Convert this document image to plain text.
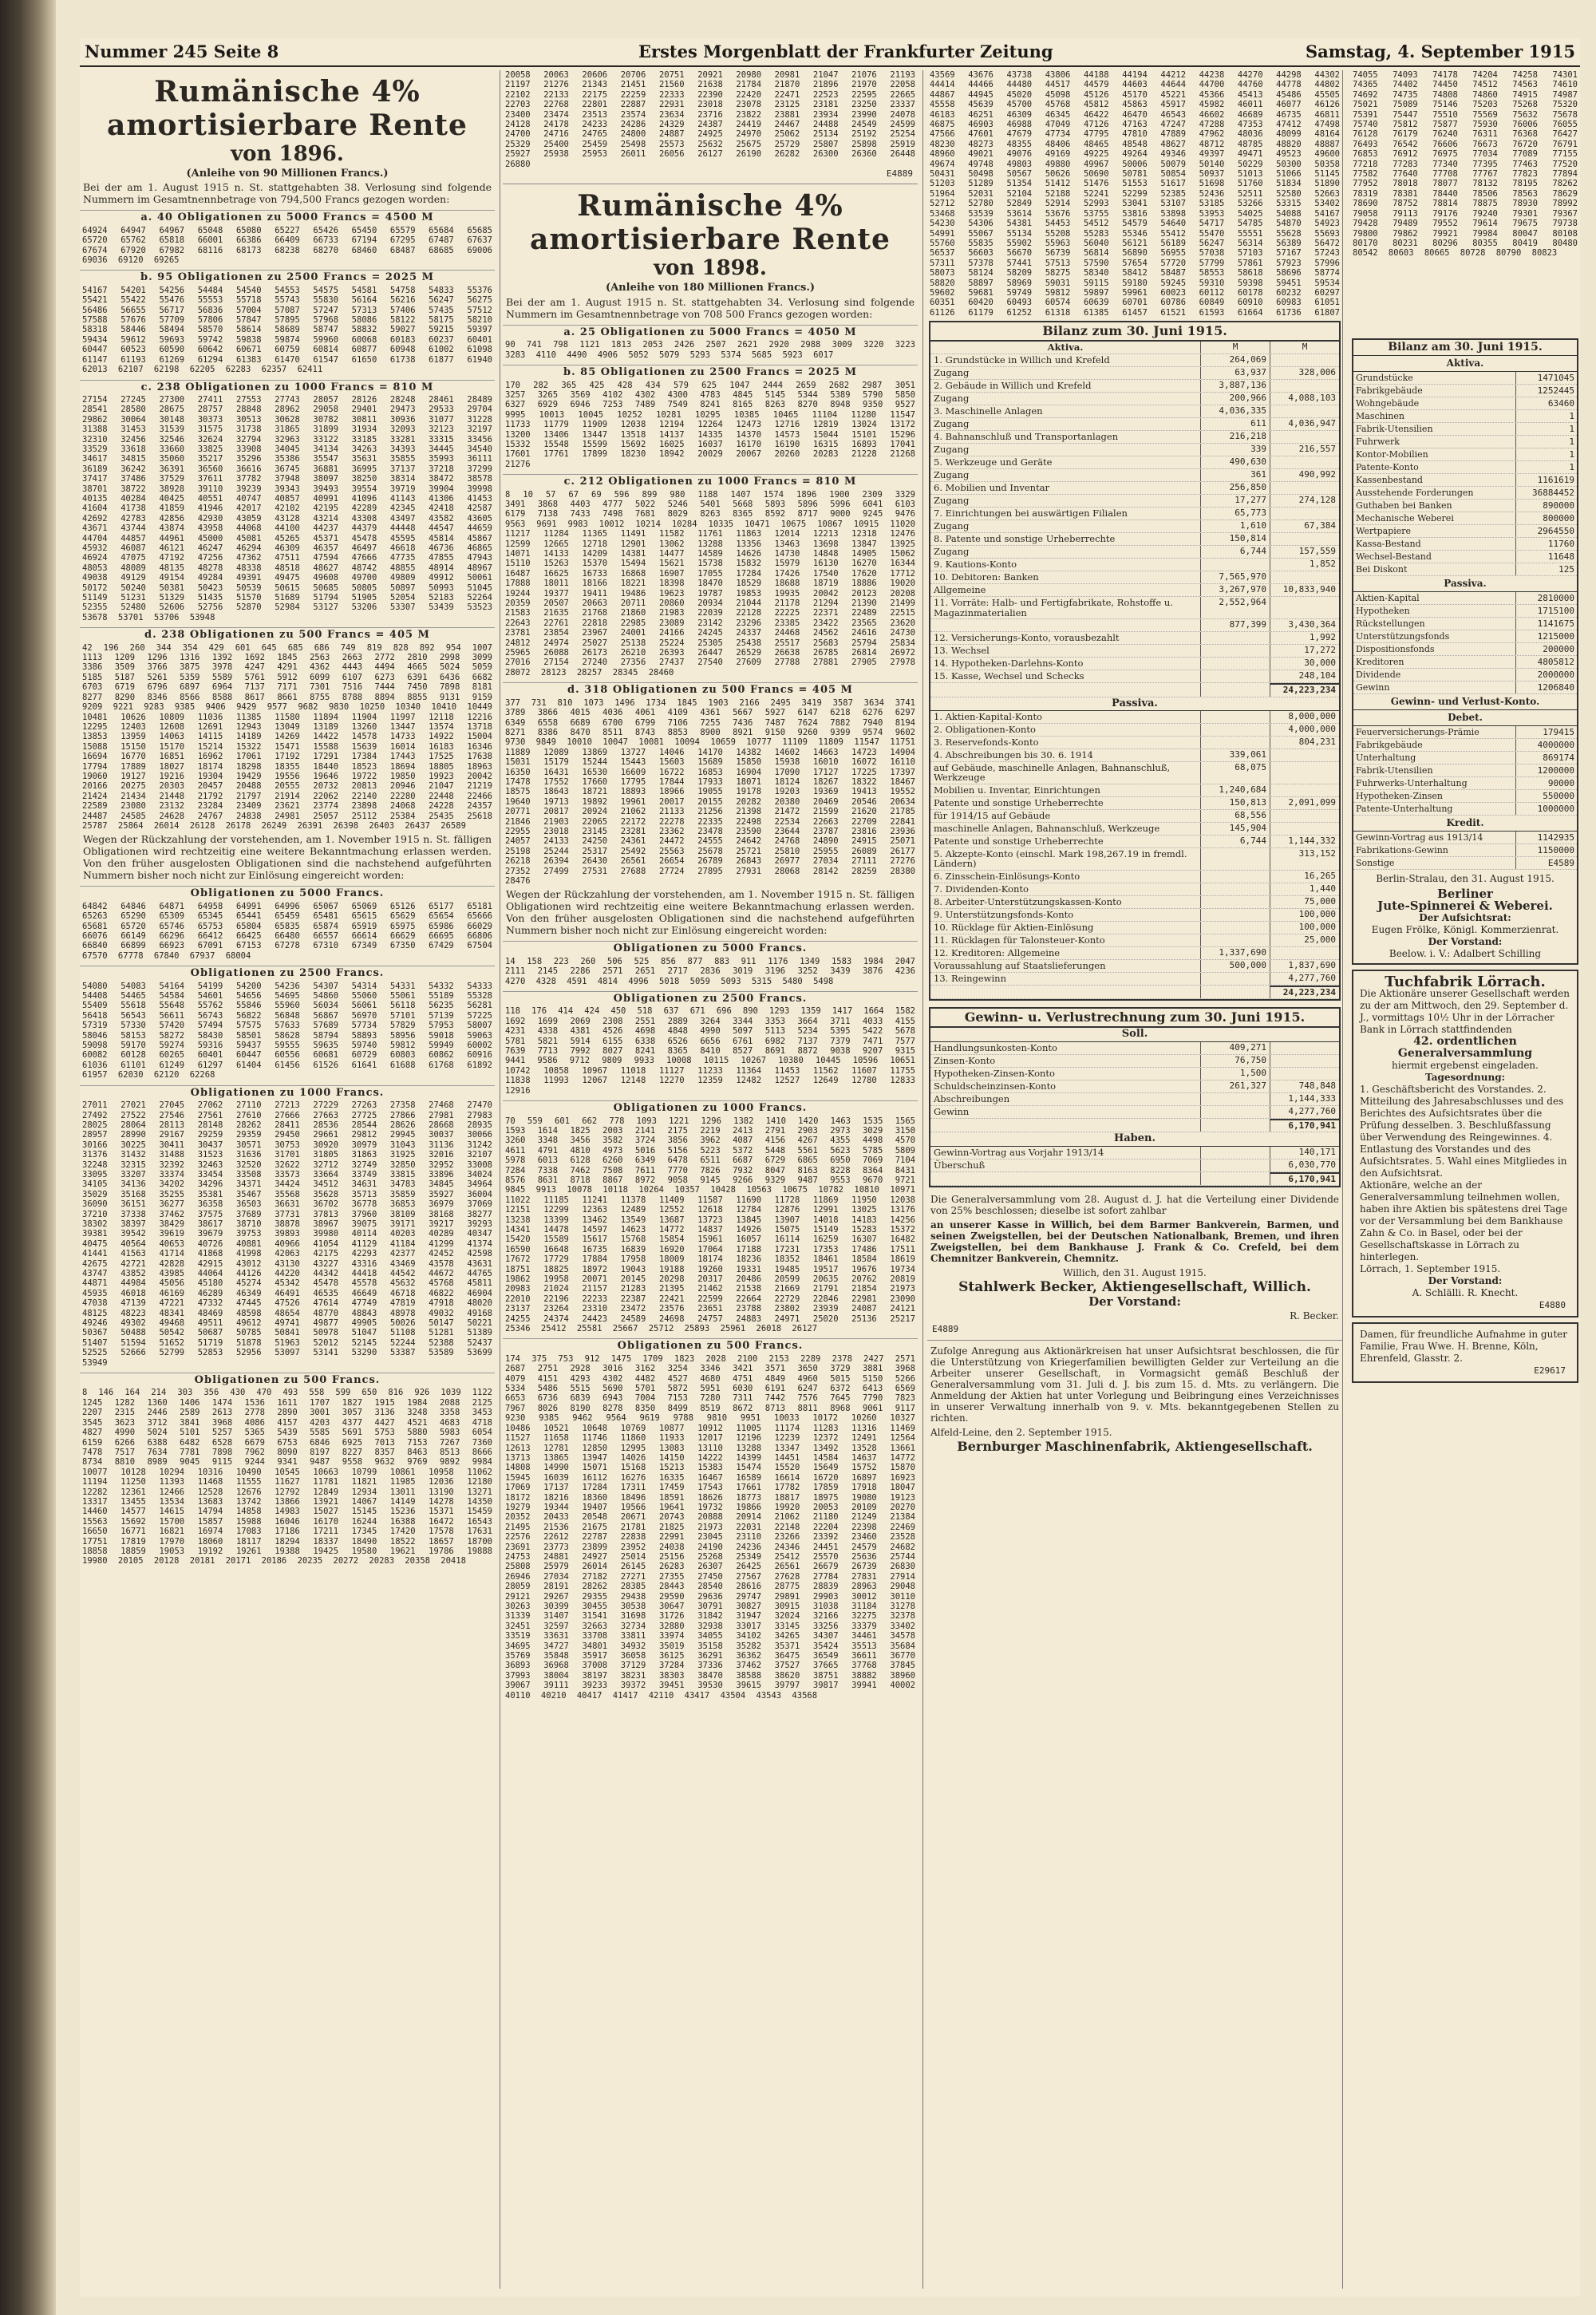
Nummer 245 Seite 8	Erstes Morgenblatt der Frankfurter Zeitung	Samstag, 4. September 1915
Rumänische 4% amortisierbare Rente
von 1896.
(Anleihe von 90 Millionen Francs.)
Bei der am 1. August 1915 n. St. stattgehabten 38. Verlosung sind folgende Nummern im Gesamtnennbetrage von 794,500 Francs gezogen worden:
a. 40 Obligationen zu 5000 Francs = 4500 M
64924 64947 64967 65048 65080 65227 65426 65450 65579 65684 65685 65720 65762 65818 66001 66386 66409 66733 67194 67295 67487 67637 67674 67920 67982 68116 68173 68238 68270 68460 68487 68685 69006 69036 69120 69265
b. 95 Obligationen zu 2500 Francs = 2025 M
54167 54201 54256 54484 54540 54553 54575 54581 54758 54833 55376 55421 55422 55476 55553 55718 55743 55830 56164 56216 56247 56275 56486 56655 56717 56836 57004 57087 57247 57313 57406 57435 57512 57588 57676 57709 57806 57847 57895 57968 58086 58122 58175 58210 58318 58446 58494 58570 58614 58689 58747 58832 59027 59215 59397 59434 59612 59693 59742 59838 59874 59960 60068 60183 60237 60401 60447 60523 60590 60642 60671 60759 60814 60877 60948 61002 61098 61147 61193 61269 61294 61383 61470 61547 61650 61738 61877 61940 62013 62107 62198 62205 62283 62357 62411
c. 238 Obligationen zu 1000 Francs = 810 M
27154 27245 27300 27411 27553 27743 28057 28126 28248 28461 28489 28541 28580 28675 28757 28848 28962 29058 29401 29473 29533 29704 29862 30064 30148 30373 30513 30628 30782 30811 30936 31077 31228 31388 31453 31539 31575 31738 31865 31899 31934 32093 32123 32197 32310 32456 32546 32624 32794 32963 33122 33185 33281 33315 33456 33529 33618 33660 33825 33908 34045 34134 34263 34393 34445 34540 34617 34815 35060 35217 35296 35386 35547 35631 35855 35993 36111 36189 36242 36391 36560 36616 36745 36881 36995 37137 37218 37299 37417 37486 37529 37611 37782 37948 38097 38250 38314 38472 38578 38701 38722 38928 39110 39239 39343 39493 39554 39719 39904 39998 40135 40284 40425 40551 40747 40857 40991 41096 41143 41306 41453 41604 41738 41859 41946 42017 42102 42195 42289 42345 42418 42587 42692 42783 42856 42930 43059 43128 43214 43308 43497 43582 43605 43671 43744 43874 43958 44068 44100 44237 44379 44448 44547 44659 44704 44857 44961 45000 45081 45265 45371 45478 45595 45814 45867 45932 46087 46121 46247 46294 46309 46357 46497 46618 46736 46865 46924 47075 47192 47256 47362 47511 47594 47666 47735 47855 47943 48053 48089 48135 48278 48338 48518 48627 48742 48855 48914 48967 49038 49129 49154 49284 49391 49475 49608 49700 49809 49912 50061 50172 50240 50381 50423 50539 50615 50685 50805 50897 50993 51045 51149 51231 51329 51435 51570 51689 51794 51905 52054 52183 52264 52355 52480 52606 52756 52870 52984 53127 53206 53307 53439 53523 53678 53701 53706 53948
d. 238 Obligationen zu 500 Francs = 405 M
42 196 260 344 354 429 601 645 685 686 749 819 828 892 954 1007 1113 1209 1296 1316 1392 1692 1845 2563 2663 2772 2810 2998 3099 3386 3509 3766 3875 3978 4247 4291 4362 4443 4494 4665 5024 5059 5185 5187 5261 5359 5589 5761 5912 6099 6107 6273 6391 6436 6682 6703 6719 6796 6897 6964 7137 7171 7301 7516 7444 7450 7898 8181 8277 8290 8346 8566 8588 8617 8661 8755 8788 8894 8855 9131 9159 9209 9221 9283 9385 9406 9429 9577 9682 9830 10250 10340 10410 10449 10481 10626 10809 11036 11385 11580 11894 11904 11997 12118 12216 12295 12403 12608 12691 12943 13049 13189 13260 13447 13574 13718 13853 13959 14063 14115 14189 14269 14422 14578 14733 14922 15004 15088 15150 15170 15214 15322 15471 15588 15639 16014 16183 16346 16694 16770 16851 16962 17061 17192 17291 17384 17443 17525 17638 17794 17889 18027 18174 18298 18355 18440 18523 18694 18805 18963 19060 19127 19216 19304 19429 19556 19646 19722 19850 19923 20042 20166 20275 20303 20457 20488 20555 20732 20813 20946 21047 21219 21424 21434 21448 21792 21797 21914 22062 22140 22280 22448 22466 22589 23080 23132 23284 23409 23621 23774 23898 24068 24228 24357 24487 24585 24628 24767 24838 24981 25057 25112 25384 25435 25618 25787 25864 26014 26128 26178 26249 26391 26398 26403 26437 26589
Wegen der Rückzahlung der vorstehenden, am 1. November 1915 n. St. fälligen Obligationen wird rechtzeitig eine weitere Bekanntmachung erlassen werden. Von den früher ausgelosten Obligationen sind die nachstehend aufgeführten Nummern bisher noch nicht zur Einlösung eingereicht worden:
Obligationen zu 5000 Francs.
64842 64846 64871 64958 64991 64996 65067 65069 65126 65177 65181 65263 65290 65309 65345 65441 65459 65481 65615 65629 65654 65666 65681 65720 65746 65753 65804 65835 65874 65919 65975 65986 66029 66076 66149 66296 66412 66425 66480 66557 66614 66629 66695 66806 66840 66899 66923 67091 67153 67278 67310 67349 67350 67429 67504 67570 67778 67840 67937 68004
Obligationen zu 2500 Francs.
54080 54083 54164 54199 54200 54236 54307 54314 54331 54332 54333 54408 54465 54584 54601 54656 54695 54860 55060 55061 55189 55328 55409 55618 55648 55762 55846 55960 56034 56061 56118 56235 56281 56418 56543 56611 56743 56822 56848 56867 56970 57101 57139 57225 57319 57330 57420 57494 57575 57633 57689 57734 57829 57953 58007 58046 58153 58272 58430 58501 58628 58794 58893 58956 59018 59063 59098 59170 59274 59316 59437 59555 59635 59740 59812 59949 60002 60082 60128 60265 60401 60447 60556 60681 60729 60803 60862 60916 61036 61101 61249 61297 61404 61456 61526 61641 61688 61768 61892 61957 62030 62120 62268
Obligationen zu 1000 Francs.
27011 27021 27045 27062 27110 27213 27229 27263 27358 27468 27470 27492 27522 27546 27561 27610 27666 27663 27725 27866 27981 27983 28025 28064 28113 28148 28262 28411 28536 28544 28626 28668 28935 28957 28990 29167 29259 29359 29450 29661 29812 29945 30037 30066 30166 30225 30411 30437 30571 30753 30920 30979 31043 31136 31242 31376 31432 31488 31523 31636 31701 31805 31863 31925 32016 32107 32248 32315 32392 32463 32520 32622 32712 32749 32850 32952 33008 33095 33207 33374 33454 33508 33573 33664 33749 33815 33896 34024 34105 34136 34202 34296 34371 34424 34512 34631 34783 34845 34964 35029 35168 35255 35381 35467 35568 35628 35713 35859 35927 36004 36090 36151 36277 36358 36503 36631 36702 36778 36853 36979 37069 37210 37338 37462 37575 37689 37731 37813 37960 38109 38168 38277 38302 38397 38429 38617 38710 38878 38967 39075 39171 39217 39293 39381 39542 39619 39679 39753 39893 39980 40114 40203 40289 40347 40475 40564 40653 40726 40881 40966 41054 41129 41184 41299 41374 41441 41563 41714 41868 41998 42063 42175 42293 42377 42452 42598 42675 42721 42828 42915 43012 43130 43227 43316 43469 43578 43631 43747 43852 43985 44064 44126 44220 44342 44418 44542 44672 44765 44871 44984 45056 45180 45274 45342 45478 45578 45632 45768 45811 45935 46018 46169 46289 46349 46491 46535 46649 46718 46822 46904 47038 47139 47221 47332 47445 47526 47614 47749 47819 47918 48020 48125 48223 48341 48469 48598 48654 48770 48843 48978 49032 49168 49246 49302 49468 49511 49612 49741 49877 49905 50026 50147 50221 50367 50488 50542 50687 50785 50841 50978 51047 51108 51281 51389 51407 51594 51652 51719 51878 51963 52012 52145 52244 52388 52437 52525 52666 52799 52853 52956 53097 53141 53290 53387 53589 53699 53949
Obligationen zu 500 Francs.
8 146 164 214 303 356 430 470 493 558 599 650 816 926 1039 1122 1245 1282 1360 1406 1474 1536 1611 1707 1827 1915 1984 2088 2125 2207 2315 2446 2589 2613 2778 2890 3001 3057 3136 3248 3358 3453 3545 3623 3712 3841 3968 4086 4157 4203 4377 4427 4521 4683 4718 4827 4990 5024 5101 5257 5365 5439 5585 5691 5753 5880 5983 6054 6159 6266 6388 6482 6528 6679 6753 6846 6925 7013 7153 7267 7360 7478 7517 7634 7781 7898 7962 8090 8197 8227 8357 8463 8513 8666 8734 8810 8989 9045 9115 9244 9341 9487 9558 9632 9769 9892 9984 10077 10128 10294 10316 10490 10545 10663 10799 10861 10958 11062 11194 11250 11393 11468 11555 11627 11781 11821 11985 12036 12180 12282 12361 12466 12528 12676 12792 12849 12934 13011 13190 13271 13317 13455 13534 13683 13742 13866 13921 14067 14149 14278 14350 14460 14577 14615 14794 14858 14983 15027 15145 15236 15371 15459 15563 15692 15700 15857 15988 16046 16170 16244 16388 16472 16543 16650 16771 16821 16974 17083 17186 17211 17345 17420 17578 17631 17751 17819 17970 18060 18117 18294 18337 18490 18522 18657 18700 18858 18859 19053 19192 19261 19388 19425 19580 19621 19786 19888 19980 20105 20128 20181 20171 20186 20235 20272 20283 20358 20418
20058 20063 20606 20706 20751 20921 20980 20981 21047 21076 21193 21197 21276 21343 21451 21560 21638 21784 21870 21896 21970 22058 22102 22133 22175 22259 22333 22390 22420 22471 22523 22595 22665 22703 22768 22801 22887 22931 23018 23078 23125 23181 23250 23337 23400 23474 23513 23574 23634 23716 23822 23881 23934 23990 24078 24128 24178 24233 24286 24329 24387 24419 24467 24488 24549 24599 24700 24716 24765 24800 24887 24925 24970 25062 25134 25192 25254 25329 25400 25459 25498 25573 25632 25675 25729 25807 25898 25919 25927 25938 25953 26011 26056 26127 26190 26282 26300 26360 26448 26880
E4889
Rumänische 4% amortisierbare Rente
von 1898.
(Anleihe von 180 Millionen Francs.)
Bei der am 1. August 1915 n. St. stattgehabten 34. Verlosung sind folgende Nummern im Gesamtnennbetrage von 708 500 Francs gezogen worden:
a. 25 Obligationen zu 5000 Francs = 4050 M
90 741 798 1121 1813 2053 2426 2507 2621 2920 2988 3009 3220 3223 3283 4110 4490 4906 5052 5079 5293 5374 5685 5923 6017
b. 85 Obligationen zu 2500 Francs = 2025 M
170 282 365 425 428 434 579 625 1047 2444 2659 2682 2987 3051 3257 3265 3569 4102 4302 4300 4783 4845 5145 5344 5389 5790 5850 6327 6929 6946 7253 7489 7549 8241 8165 8263 8270 8948 9350 9527 9995 10013 10045 10252 10281 10295 10385 10465 11104 11280 11547 11733 11779 11909 12038 12194 12264 12473 12716 12819 13024 13172 13200 13406 13447 13518 14137 14335 14370 14573 15044 15101 15296 15332 15548 15599 15692 16025 16037 16170 16190 16315 16893 17041 17601 17761 17899 18230 18942 20029 20067 20260 20283 21228 21268 21276
c. 212 Obligationen zu 1000 Francs = 810 M
8 10 57 67 69 596 899 980 1188 1407 1574 1896 1900 2309 3329 3491 3868 4403 4777 5022 5246 5401 5668 5893 5896 5996 6041 6103 6179 7138 7433 7498 7681 8029 8263 8365 8592 8717 9000 9245 9476 9563 9691 9983 10012 10214 10284 10335 10471 10675 10867 10915 11020 11217 11284 11365 11491 11582 11761 11863 12014 12213 12318 12476 12599 12665 12718 12901 13062 13288 13356 13463 13698 13847 13925 14071 14133 14209 14381 14477 14589 14626 14730 14848 14905 15062 15110 15263 15370 15494 15621 15738 15832 15979 16130 16270 16344 16487 16625 16733 16868 16907 17055 17284 17426 17540 17620 17712 17888 18011 18166 18221 18398 18470 18529 18688 18719 18886 19020 19244 19377 19411 19486 19623 19787 19853 19935 20042 20123 20208 20359 20507 20663 20711 20860 20934 21044 21178 21294 21390 21499 21583 21635 21768 21860 21983 22039 22128 22225 22371 22489 22515 22643 22761 22818 22985 23089 23142 23296 23385 23422 23565 23620 23781 23854 23967 24001 24166 24245 24337 24468 24562 24616 24730 24812 24974 25027 25138 25224 25305 25438 25517 25683 25794 25834 25965 26088 26173 26210 26393 26447 26529 26638 26785 26814 26972 27016 27154 27240 27356 27437 27540 27609 27788 27881 27905 27978 28072 28123 28257 28345 28460
d. 318 Obligationen zu 500 Francs = 405 M
377 731 810 1073 1496 1734 1845 1903 2166 2495 3419 3587 3634 3741 3789 3866 4015 4036 4061 4109 4361 5667 5927 6147 6218 6276 6297 6349 6558 6689 6700 6799 7106 7255 7436 7487 7624 7882 7940 8194 8271 8386 8470 8511 8743 8853 8900 8921 9150 9260 9399 9574 9602 9730 9849 10010 10047 10081 10094 10659 10777 11109 11809 11547 11751 11889 12089 13869 13727 14046 14170 14382 14602 14663 14723 14904 15031 15179 15244 15443 15603 15689 15850 15938 16010 16072 16110 16350 16431 16530 16609 16722 16853 16904 17090 17127 17225 17397 17478 17552 17660 17795 17844 17933 18071 18124 18267 18322 18467 18575 18643 18721 18893 18966 19055 19178 19203 19369 19413 19552 19640 19713 19892 19961 20017 20155 20282 20380 20469 20546 20634 20771 20817 20924 21062 21133 21256 21398 21472 21599 21620 21785 21846 21903 22065 22172 22278 22335 22498 22534 22663 22709 22841 22955 23018 23145 23281 23362 23478 23590 23644 23787 23816 23936 24057 24133 24250 24361 24472 24555 24642 24768 24890 24915 25071 25198 25244 25317 25492 25563 25678 25721 25810 25955 26089 26177 26218 26394 26430 26561 26654 26789 26843 26977 27034 27111 27276 27352 27499 27531 27688 27724 27895 27931 28068 28142 28259 28380 28476
Wegen der Rückzahlung der vorstehenden, am 1. November 1915 n. St. fälligen Obligationen wird rechtzeitig eine weitere Bekanntmachung erlassen werden. Von den früher ausgelosten Obligationen sind die nachstehend aufgeführten Nummern bisher noch nicht zur Einlösung eingereicht worden:
Obligationen zu 5000 Francs.
14 158 223 260 506 525 856 877 883 911 1176 1349 1583 1984 2047 2111 2145 2286 2571 2651 2717 2836 3019 3196 3252 3439 3876 4236 4270 4328 4591 4814 4996 5018 5059 5093 5315 5480 5498
Obligationen zu 2500 Francs.
118 176 414 424 450 518 637 671 696 890 1293 1359 1417 1664 1582 1692 1699 2069 2308 2551 2889 3264 3344 3353 3664 3711 4033 4155 4231 4338 4381 4526 4698 4848 4990 5097 5113 5234 5395 5422 5678 5781 5821 5914 6155 6338 6526 6656 6761 6982 7137 7379 7471 7577 7639 7713 7992 8027 8241 8365 8410 8527 8691 8872 9038 9207 9315 9441 9586 9712 9809 9933 10008 10115 10267 10380 10445 10596 10651 10742 10858 10967 11018 11127 11233 11364 11453 11562 11607 11755 11838 11993 12067 12148 12270 12359 12482 12527 12649 12780 12833 12916
Obligationen zu 1000 Francs.
70 559 601 662 778 1093 1221 1296 1382 1410 1420 1463 1535 1565 1593 1614 1825 2003 2141 2175 2219 2413 2791 2903 2973 3029 3150 3260 3348 3456 3582 3724 3856 3962 4087 4156 4267 4355 4498 4570 4611 4791 4810 4973 5016 5156 5223 5372 5448 5561 5623 5785 5809 5978 6013 6128 6260 6349 6478 6511 6687 6729 6865 6950 7069 7104 7284 7338 7462 7508 7611 7770 7826 7932 8047 8163 8228 8364 8431 8576 8631 8718 8867 8972 9058 9145 9266 9329 9487 9553 9670 9721 9845 9913 10078 10118 10264 10357 10428 10563 10675 10782 10810 10971 11022 11185 11241 11378 11409 11587 11690 11728 11869 11950 12038 12151 12299 12363 12489 12552 12618 12784 12876 12991 13025 13176 13238 13399 13462 13549 13687 13723 13845 13907 14018 14183 14256 14341 14478 14597 14623 14772 14837 14926 15075 15149 15283 15372 15420 15589 15617 15768 15854 15961 16057 16114 16259 16307 16482 16590 16648 16735 16839 16920 17064 17188 17231 17353 17486 17511 17672 17729 17884 17958 18009 18174 18236 18352 18461 18584 18619 18751 18825 18972 19043 19188 19260 19331 19485 19517 19676 19734 19862 19958 20071 20145 20298 20317 20486 20599 20635 20762 20819 20983 21024 21157 21283 21395 21462 21538 21669 21791 21854 21973 22010 22196 22233 22387 22421 22599 22664 22729 22846 22981 23090 23137 23264 23310 23472 23576 23651 23788 23802 23939 24087 24121 24255 24374 24423 24589 24698 24757 24883 24971 25020 25136 25217 25346 25412 25581 25667 25712 25893 25961 26018 26127
Obligationen zu 500 Francs.
174 375 753 912 1475 1709 1823 2028 2100 2153 2289 2378 2427 2571 2687 2751 2928 3016 3162 3254 3346 3421 3571 3650 3729 3881 3968 4079 4151 4293 4302 4482 4527 4680 4751 4849 4960 5015 5150 5266 5334 5486 5515 5690 5701 5872 5951 6030 6191 6247 6372 6413 6569 6653 6736 6839 6943 7004 7153 7280 7311 7442 7576 7645 7790 7823 7967 8026 8190 8278 8350 8499 8519 8672 8713 8811 8968 9061 9117 9230 9385 9462 9564 9619 9788 9810 9951 10033 10172 10260 10327 10486 10521 10648 10769 10877 10912 11005 11174 11283 11316 11469 11527 11658 11746 11860 11933 12017 12196 12239 12372 12491 12564 12613 12781 12850 12995 13083 13110 13288 13347 13492 13528 13661 13713 13865 13947 14026 14150 14222 14399 14451 14584 14637 14772 14808 14990 15071 15168 15213 15383 15474 15520 15649 15752 15870 15945 16039 16112 16276 16335 16467 16589 16614 16720 16897 16923 17069 17137 17284 17311 17459 17543 17661 17782 17859 17918 18047 18172 18216 18360 18496 18591 18626 18773 18817 18975 19080 19123 19279 19344 19407 19566 19641 19732 19866 19920 20053 20109 20270 20352 20433 20548 20671 20743 20888 20914 21062 21180 21249 21384 21495 21536 21675 21781 21825 21973 22031 22148 22204 22398 22469 22576 22612 22787 22838 22991 23045 23110 23266 23392 23460 23528 23691 23773 23899 23952 24038 24190 24236 24346 24451 24579 24682 24753 24881 24927 25014 25156 25268 25349 25412 25570 25636 25744 25808 25979 26014 26145 26283 26307 26425 26561 26679 26739 26830 26946 27034 27182 27271 27355 27450 27567 27628 27784 27831 27914 28059 28191 28262 28385 28443 28540 28616 28775 28839 28963 29048 29121 29267 29355 29438 29590 29636 29747 29891 29903 30012 30110 30263 30399 30455 30538 30647 30791 30827 30915 31038 31184 31278 31339 31407 31541 31698 31726 31842 31947 32024 32166 32275 32378 32451 32597 32663 32734 32880 32938 33017 33145 33256 33379 33402 33519 33631 33708 33811 33974 34055 34102 34265 34307 34461 34578 34695 34727 34801 34932 35019 35158 35282 35371 35424 35513 35684 35769 35848 35917 36058 36125 36291 36362 36475 36549 36611 36770 36893 36968 37008 37129 37284 37336 37462 37527 37665 37768 37845 37993 38004 38197 38231 38303 38470 38588 38620 38751 38882 38960 39067 39111 39233 39372 39451 39530 39615 39797 39817 39941 40002 40110 40210 40417 41417 42110 43417 43504 43543 43568
43569 43676 43738 43806 44188 44194 44212 44238 44270 44298 44302 44414 44466 44480 44517 44579 44603 44644 44700 44760 44778 44802 44867 44945 45020 45098 45126 45170 45221 45366 45413 45486 45505 45558 45639 45700 45768 45812 45863 45917 45982 46011 46077 46126 46183 46251 46309 46345 46422 46470 46543 46602 46689 46735 46811 46875 46903 46988 47049 47126 47163 47247 47288 47353 47412 47498 47566 47601 47679 47734 47795 47810 47889 47962 48036 48099 48164 48230 48273 48355 48406 48465 48548 48627 48712 48785 48820 48887 48960 49021 49076 49169 49225 49264 49346 49397 49471 49523 49600 49674 49748 49803 49880 49967 50006 50079 50140 50229 50300 50358 50431 50498 50567 50626 50690 50781 50854 50937 51013 51066 51145 51203 51289 51354 51412 51476 51553 51617 51698 51760 51834 51890 51964 52031 52104 52188 52241 52299 52385 52436 52511 52580 52663 52712 52780 52849 52914 52993 53041 53107 53185 53266 53315 53402 53468 53539 53614 53676 53755 53816 53898 53953 54025 54088 54167 54230 54306 54381 54453 54512 54579 54640 54717 54785 54870 54923 54991 55067 55134 55208 55283 55346 55412 55470 55551 55628 55693 55760 55835 55902 55963 56040 56121 56189 56247 56314 56389 56472 56537 56603 56670 56739 56814 56890 56955 57038 57103 57167 57243 57311 57378 57441 57513 57590 57654 57720 57799 57861 57923 57996 58073 58124 58209 58275 58340 58412 58487 58553 58618 58696 58774 58820 58897 58969 59031 59115 59180 59245 59310 59398 59451 59534 59602 59681 59749 59812 59897 59961 60023 60112 60178 60232 60297 60351 60420 60493 60574 60639 60701 60786 60849 60910 60983 61051 61126 61179 61252 61318 61385 61457 61521 61593 61664 61736 61807
Bilanz zum 30. Juni 1915.
Aktiva.	M	M
1. Grundstücke in Willich und Krefeld	264,069
Zugang	63,937	328,006
2. Gebäude in Willich und Krefeld	3,887,136
Zugang	200,966	4,088,103
3. Maschinelle Anlagen	4,036,335
Zugang	611	4,036,947
4. Bahnanschluß und Transportanlagen	216,218
Zugang	339	216,557
5. Werkzeuge und Geräte	490,630
Zugang	361	490,992
6. Mobilien und Inventar	256,850
Zugang	17,277	274,128
7. Einrichtungen bei auswärtigen Filialen	65,773
Zugang	1,610	67,384
8. Patente und sonstige Urheberrechte	150,814
Zugang	6,744	157,559
9. Kautions-Konto	1,852
10. Debitoren: Banken	7,565,970
Allgemeine	3,267,970	10,833,940
11. Vorräte: Halb- und Fertigfabrikate, Rohstoffe u. Magazinmaterialien
2,552,964
877,399	3,430,364
12. Versicherungs-Konto, vorausbezahlt	1,992
13. Wechsel	17,272
14. Hypotheken-Darlehns-Konto	30,000
15. Kasse, Wechsel und Schecks	248,104
24,223,234
Passiva.
1. Aktien-Kapital-Konto	8,000,000
2. Obligationen-Konto	4,000,000
3. Reservefonds-Konto	804,231
4. Abschreibungen bis 30. 6. 1914	339,061
auf Gebäude, maschinelle Anlagen, Bahnanschluß, Werkzeuge
68,075
Mobilien u. Inventar, Einrichtungen	1,240,684
Patente und sonstige Urheberrechte	150,813	2,091,099
für 1914/15 auf Gebäude	68,556
maschinelle Anlagen, Bahnanschluß, Werkzeuge	145,904
Patente und sonstige Urheberrechte	6,744	1,144,332
5. Akzepte-Konto (einschl. Mark 198,267.19 in fremdl. Ländern)
313,152
6. Zinsschein-Einlösungs-Konto	16,265
7. Dividenden-Konto	1,440
8. Arbeiter-Unterstützungskassen-Konto	75,000
9. Unterstützungsfonds-Konto	100,000
10. Rücklage für Aktien-Einlösung	100,000
11. Rücklagen für Talonsteuer-Konto	25,000
12. Kreditoren: Allgemeine	1,337,690
Voraussahlung auf Staatslieferungen	500,000	1,837,690
13. Reingewinn	4,277,760
24,223,234
Gewinn- u. Verlustrechnung zum 30. Juni 1915.
Soll.
Handlungsunkosten-Konto	409,271
Zinsen-Konto	76,750
Hypotheken-Zinsen-Konto	1,500
Schuldscheinzinsen-Konto	261,327	748,848
Abschreibungen	1,144,333
Gewinn	4,277,760
6,170,941
Haben.
Gewinn-Vortrag aus Vorjahr 1913/14	140,171
Überschuß	6,030,770
6,170,941
Die Generalversammlung vom 28. August d. J. hat die Verteilung einer Dividende von 25% beschlossen; dieselbe ist sofort zahlbar
an unserer Kasse in Willich, bei dem Barmer Bankverein, Barmen, und seinen Zweigstellen, bei der Deutschen Nationalbank, Bremen, und ihren Zweigstellen, bei dem Bankhause J. Frank & Co. Crefeld, bei dem Chemnitzer Bankverein, Chemnitz.
Willich, den 31. August 1915.
Stahlwerk Becker, Aktiengesellschaft, Willich.
Der Vorstand:
R. Becker.
E4889
Zufolge Anregung aus Aktionärkreisen hat unser Aufsichtsrat beschlossen, die für die Unterstützung von Kriegerfamilien bewilligten Gelder zur Verteilung an die Arbeiter unserer Gesellschaft, in Vormagsicht gemäß Beschluß der Generalversammlung vom 31. Juli d. J. bis zum 15. d. Mts. zu verlängern. Die Anmeldung der Aktien hat unter Vorlegung und Beibringung eines Verzeichnisses in unserer Verwaltung innerhalb von 9. v. Mts. bekanntgegebenen Stellen zu richten.
Alfeld-Leine, den 2. September 1915.
Bernburger Maschinenfabrik, Aktiengesellschaft.
74055 74093 74178 74204 74258 74301 74365 74402 74450 74512 74563 74610 74692 74735 74808 74860 74915 74987 75021 75089 75146 75203 75268 75320 75391 75447 75510 75569 75632 75678 75740 75812 75877 75930 76006 76055 76128 76179 76240 76311 76368 76427 76493 76542 76606 76673 76720 76791 76853 76912 76975 77034 77089 77155 77218 77283 77340 77395 77463 77520 77582 77640 77708 77767 77823 77894 77952 78018 78077 78132 78195 78262 78319 78381 78440 78506 78563 78629 78690 78752 78814 78875 78930 78992 79058 79113 79176 79240 79301 79367 79428 79489 79552 79614 79675 79738 79800 79862 79921 79984 80047 80108 80170 80231 80296 80355 80419 80480 80542 80603 80665 80728 80790 80823
Bilanz am 30. Juni 1915.
Aktiva.
Grundstücke	1471045
Fabrikgebäude	1252445
Wohngebäude	63460
Maschinen	1
Fabrik-Utensilien	1
Fuhrwerk	1
Kontor-Mobilien	1
Patente-Konto	1
Kassenbestand	1161619
Ausstehende Forderungen	36884452
Guthaben bei Banken	890000
Mechanische Weberei	800000
Wertpapiere	2964550
Kassa-Bestand	11760
Wechsel-Bestand	11648
Bei Diskont	125
Passiva.
Aktien-Kapital	2810000
Hypotheken	1715100
Rückstellungen	1141675
Unterstützungsfonds	1215000
Dispositionsfonds	200000
Kreditoren	4805812
Dividende	2000000
Gewinn	1206840
Gewinn- und Verlust-Konto.
Debet.
Feuerversicherungs-Prämie	179415
Fabrikgebäude	4000000
Unterhaltung	869174
Fabrik-Utensilien	1200000
Fuhrwerks-Unterhaltung	90000
Hypotheken-Zinsen	550000
Patente-Unterhaltung	1000000
Kredit.
Gewinn-Vortrag aus 1913/14	1142935
Fabrikations-Gewinn	1150000
Sonstige	E4589
Berlin-Stralau, den 31. August 1915.
Berliner
Jute-Spinnerei & Weberei.
Der Aufsichtsrat:
Eugen Frölke, Königl. Kommerzienrat.
Der Vorstand:
Beelow. i. V.: Adalbert Schilling
Tuchfabrik Lörrach.
Die Aktionäre unserer Gesellschaft werden zu der am Mittwoch, den 29. September d. J., vormittags 10½ Uhr in der Lörracher Bank in Lörrach stattfindenden
42. ordentlichen Generalversammlung
hiermit ergebenst eingeladen.
Tagesordnung:
1. Geschäftsbericht des Vorstandes. 2. Mitteilung des Jahresabschlusses und des Berichtes des Aufsichtsrates über die Prüfung desselben. 3. Beschlußfassung über Verwendung des Reingewinnes. 4. Entlastung des Vorstandes und des Aufsichtsrates. 5. Wahl eines Mitgliedes in den Aufsichtsrat.
Aktionäre, welche an der Generalversammlung teilnehmen wollen, haben ihre Aktien bis spätestens drei Tage vor der Versammlung bei dem Bankhause Zahn & Co. in Basel, oder bei der Gesellschaftskasse in Lörrach zu hinterlegen.
Lörrach, 1. September 1915.
Der Vorstand:
A. Schlälli. R. Knecht.
E4880
Damen, für freundliche Aufnahme in guter Familie, Frau Wwe. H. Brenne, Köln, Ehrenfeld, Glasstr. 2.
E29617
